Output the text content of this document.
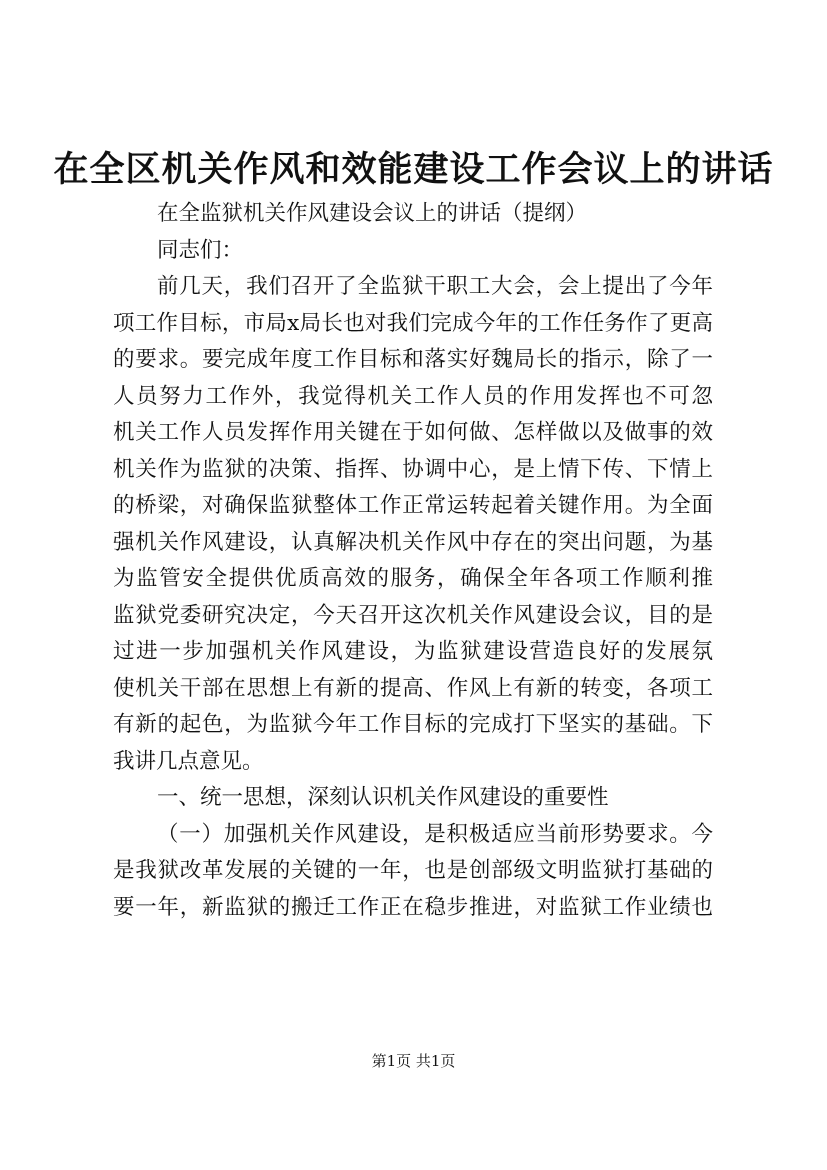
在全区机关作风和效能建设工作会议上的讲话
在全监狱机关作风建设会议上的讲话（提纲）
同志们：
前几天，我们召开了全监狱干职工大会，会上提出了今年
项工作目标，市局x局长也对我们完成今年的工作任务作了更高
的要求。要完成年度工作目标和落实好魏局长的指示，除了一
人员努力工作外，我觉得机关工作人员的作用发挥也不可忽
机关工作人员发挥作用关键在于如何做、怎样做以及做事的效
机关作为监狱的决策、指挥、协调中心，是上情下传、下情上
的桥梁，对确保监狱整体工作正常运转起着关键作用。为全面
强机关作风建设，认真解决机关作风中存在的突出问题，为基
为监管安全提供优质高效的服务，确保全年各项工作顺利推
监狱党委研究决定，今天召开这次机关作风建设会议，目的是
过进一步加强机关作风建设，为监狱建设营造良好的发展氛
使机关干部在思想上有新的提高、作风上有新的转变，各项工
有新的起色，为监狱今年工作目标的完成打下坚实的基础。下
我讲几点意见。
一、统一思想，深刻认识机关作风建设的重要性
（一）加强机关作风建设，是积极适应当前形势要求。今
是我狱改革发展的关键的一年，也是创部级文明监狱打基础的
要一年，新监狱的搬迁工作正在稳步推进，对监狱工作业绩也
第1页 共1页
